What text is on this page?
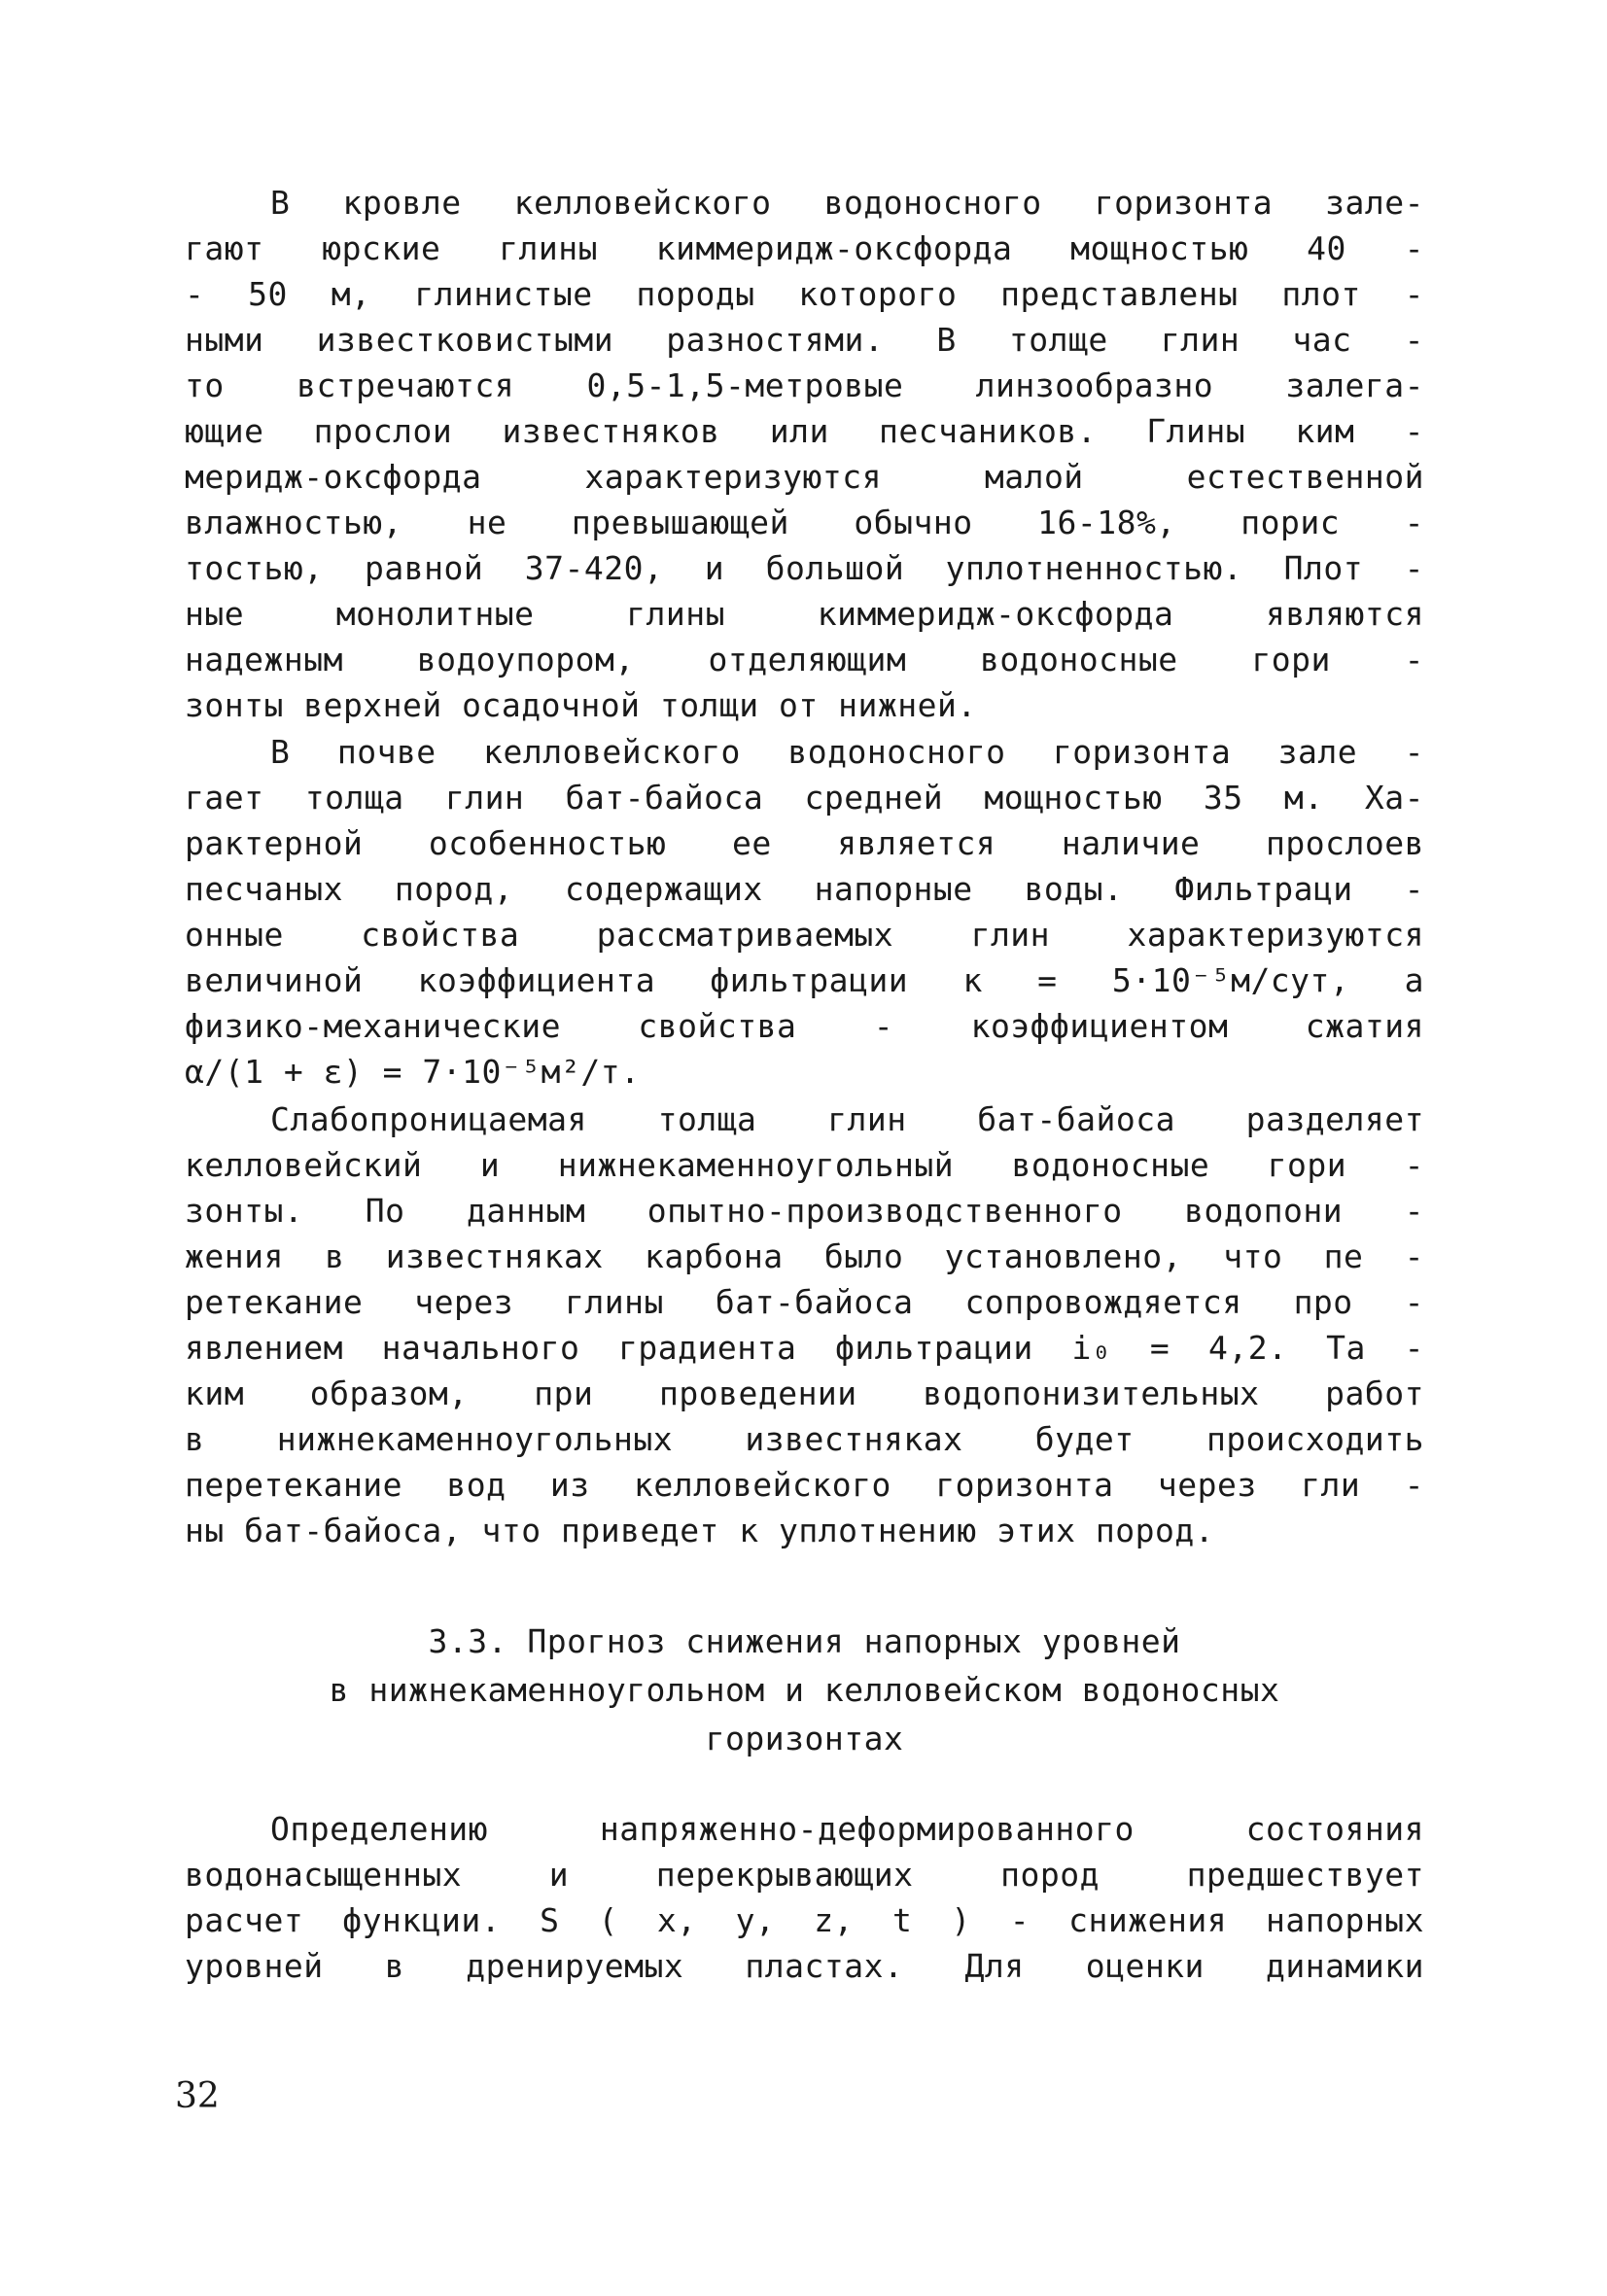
В кровле келловейского водоносного горизонта зале-
гают юрские глины киммеридж-оксфорда мощностью 40 -
- 50 м, глинистые породы которого представлены плот -
ными известковистыми разностями. В толще глин час -
то встречаются 0,5-1,5-метровые линзообразно залега-
ющие прослои известняков или песчаников. Глины ким -
меридж-оксфорда характеризуются малой естественной
влажностью, не превышающей обычно 16-18%, порис -
тостью, равной 37-420, и большой уплотненностью. Плот -
ные монолитные глины киммеридж-оксфорда являются
надежным водоупором, отделяющим водоносные гори -
зонты верхней осадочной толщи от нижней.
В почве келловейского водоносного горизонта зале -
гает толща глин бат-байоса средней мощностью 35 м. Ха-
рактерной особенностью ее является наличие прослоев
песчаных пород, содержащих напорные воды. Фильтраци -
онные свойства рассматриваемых глин характеризуются
величиной коэффициента фильтрации к = 5·10⁻⁵м/сут, а
физико-механические свойства - коэффициентом сжатия
α/(1 + ε) = 7·10⁻⁵м²/т.
Слабопроницаемая толща глин бат-байоса разделяет
келловейский и нижнекаменноугольный водоносные гори -
зонты. По данным опытно-производственного водопони -
жения в известняках карбона было установлено, что пе -
ретекание через глины бат-байоса сопровождяется про -
явлением начального градиента фильтрации i₀ = 4,2. Та -
ким образом, при проведении водопонизительных работ
в нижнекаменноугольных известняках будет происходить
перетекание вод из келловейского горизонта через гли -
ны бат-байоса, что приведет к уплотнению этих пород.
3.3. Прогноз снижения напорных уровней
в нижнекаменноугольном и келловейском водоносных
горизонтах
Определению напряженно-деформированного состояния
водонасыщенных и перекрывающих пород предшествует
расчет функции. S ( x, y, z, t ) - снижения напорных
уровней в дренируемых пластах. Для оценки динамики
32
